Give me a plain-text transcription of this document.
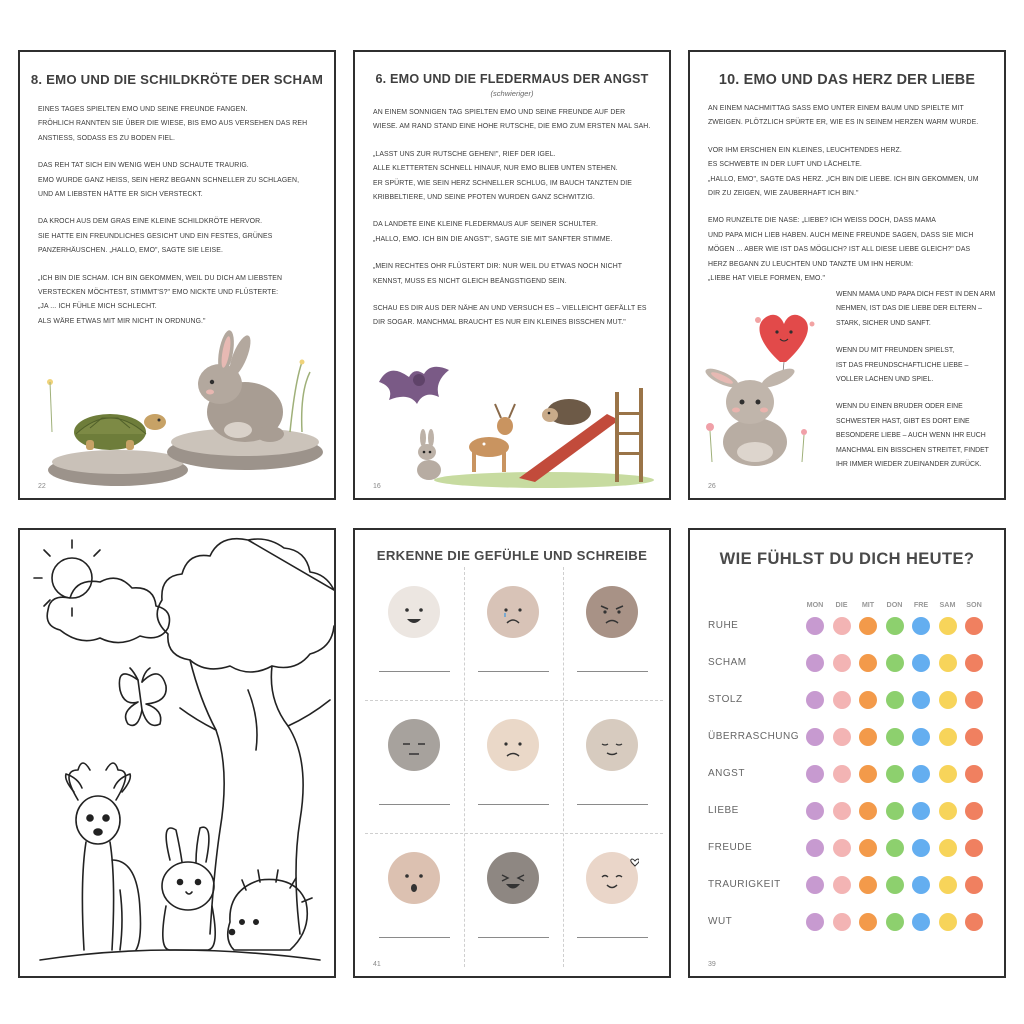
8. EMO UND DIE SCHILDKRÖTE DER SCHAM

EINES TAGES SPIELTEN EMO UND SEINE FREUNDE FANGEN.
FRÖHLICH RANNTEN SIE ÜBER DIE WIESE, BIS EMO AUS VERSEHEN DAS REH ANSTIESS, SODASS ES ZU BODEN FIEL.

DAS REH TAT SICH EIN WENIG WEH UND SCHAUTE TRAURIG.
EMO WURDE GANZ HEISS, SEIN HERZ BEGANN SCHNELLER ZU SCHLAGEN, UND AM LIEBSTEN HÄTTE ER SICH VERSTECKT.

DA KROCH AUS DEM GRAS EINE KLEINE SCHILDKRÖTE HERVOR.
SIE HATTE EIN FREUNDLICHES GESICHT UND EIN FESTES, GRÜNES PANZERHÄUSCHEN. „HALLO, EMO", SAGTE SIE LEISE.

„ICH BIN DIE SCHAM. ICH BIN GEKOMMEN, WEIL DU DICH AM LIEBSTEN VERSTECKEN MÖCHTEST, STIMMT'S?" EMO NICKTE UND FLÜSTERTE:
„JA ... ICH FÜHLE MICH SCHLECHT.
ALS WÄRE ETWAS MIT MIR NICHT IN ORDNUNG."

22
6. EMO UND DIE FLEDERMAUS DER ANGST
(schwieriger)

AN EINEM SONNIGEN TAG SPIELTEN EMO UND SEINE FREUNDE AUF DER WIESE. AM RAND STAND EINE HOHE RUTSCHE, DIE EMO ZUM ERSTEN MAL SAH.

„LASST UNS ZUR RUTSCHE GEHEN!", RIEF DER IGEL.
ALLE KLETTERTEN SCHNELL HINAUF, NUR EMO BLIEB UNTEN STEHEN.
ER SPÜRTE, WIE SEIN HERZ SCHNELLER SCHLUG, IM BAUCH TANZTEN DIE KRIBBELTIERE, UND SEINE PFOTEN WURDEN GANZ SCHWITZIG.

DA LANDETE EINE KLEINE FLEDERMAUS AUF SEINER SCHULTER.
„HALLO, EMO. ICH BIN DIE ANGST", SAGTE SIE MIT SANFTER STIMME.

„MEIN RECHTES OHR FLÜSTERT DIR: NUR WEIL DU ETWAS NOCH NICHT KENNST, MUSS ES NICHT GLEICH BEÄNGSTIGEND SEIN.

SCHAU ES DIR AUS DER NÄHE AN UND VERSUCH ES – VIELLEICHT GEFÄLLT ES DIR SOGAR. MANCHMAL BRAUCHT ES NUR EIN KLEINES BISSCHEN MUT."

16
10. EMO UND DAS HERZ DER LIEBE

AN EINEM NACHMITTAG SASS EMO UNTER EINEM BAUM UND SPIELTE MIT ZWEIGEN. PLÖTZLICH SPÜRTE ER, WIE ES IN SEINEM HERZEN WARM WURDE.

VOR IHM ERSCHIEN EIN KLEINES, LEUCHTENDES HERZ.
ES SCHWEBTE IN DER LUFT UND LÄCHELTE.
„HALLO, EMO", SAGTE DAS HERZ. „ICH BIN DIE LIEBE. ICH BIN GEKOMMEN, UM DIR ZU ZEIGEN, WIE ZAUBERHAFT ICH BIN."

EMO RUNZELTE DIE NASE: „LIEBE? ICH WEISS DOCH, DASS MAMA
UND PAPA MICH LIEB HABEN. AUCH MEINE FREUNDE SAGEN, DASS SIE MICH MÖGEN ... ABER WIE IST DAS MÖGLICH? IST ALL DIESE LIEBE GLEICH?" DAS HERZ BEGANN ZU LEUCHTEN UND TANZTE UM IHN HERUM:
„LIEBE HAT VIELE FORMEN, EMO."

WENN MAMA UND PAPA DICH FEST IN DEN ARM NEHMEN, IST DAS DIE LIEBE DER ELTERN – STARK, SICHER UND SANFT.

WENN DU MIT FREUNDEN SPIELST,
IST DAS FREUNDSCHAFTLICHE LIEBE – VOLLER LACHEN UND SPIEL.

WENN DU EINEN BRUDER ODER EINE SCHWESTER HAST, GIBT ES DORT EINE BESONDERE LIEBE – AUCH WENN IHR EUCH MANCHMAL EIN BISSCHEN STREITET, FINDET IHR IMMER WIEDER ZUEINANDER ZURÜCK.

26
ERKENNE DIE GEFÜHLE UND SCHREIBE
41
WIE FÜHLST DU DICH HEUTE?
MON	DIE	MIT	DON	FRE	SAM	SON
RUHE
SCHAM
STOLZ
ÜBERRASCHUNG
ANGST
LIEBE
FREUDE
TRAURIGKEIT
WUT
39
